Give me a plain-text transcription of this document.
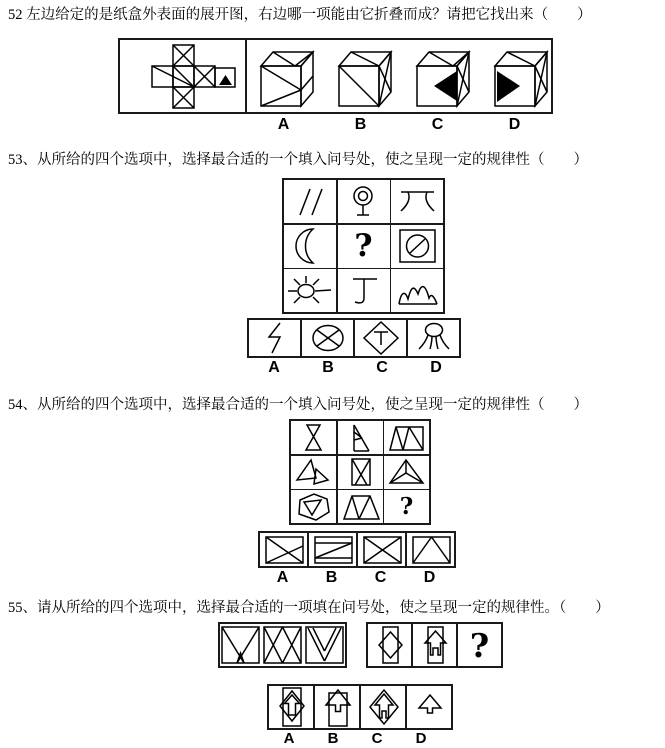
52 左边给定的是纸盒外表面的展开图，右边哪一项能由它折叠而成？请把它找出来（　　）
A	B	C	D
53、从所给的四个选项中，选择最合适的一个填入问号处，使之呈现一定的规律性（　　）
?
A	B	C	D
54、从所给的四个选项中，选择最合适的一个填入问号处，使之呈现一定的规律性（　　）
?
A	B	C	D
55、请从所给的四个选项中，选择最合适的一项填在问号处，使之呈现一定的规律性。（　　）
?
A	B	C	D
